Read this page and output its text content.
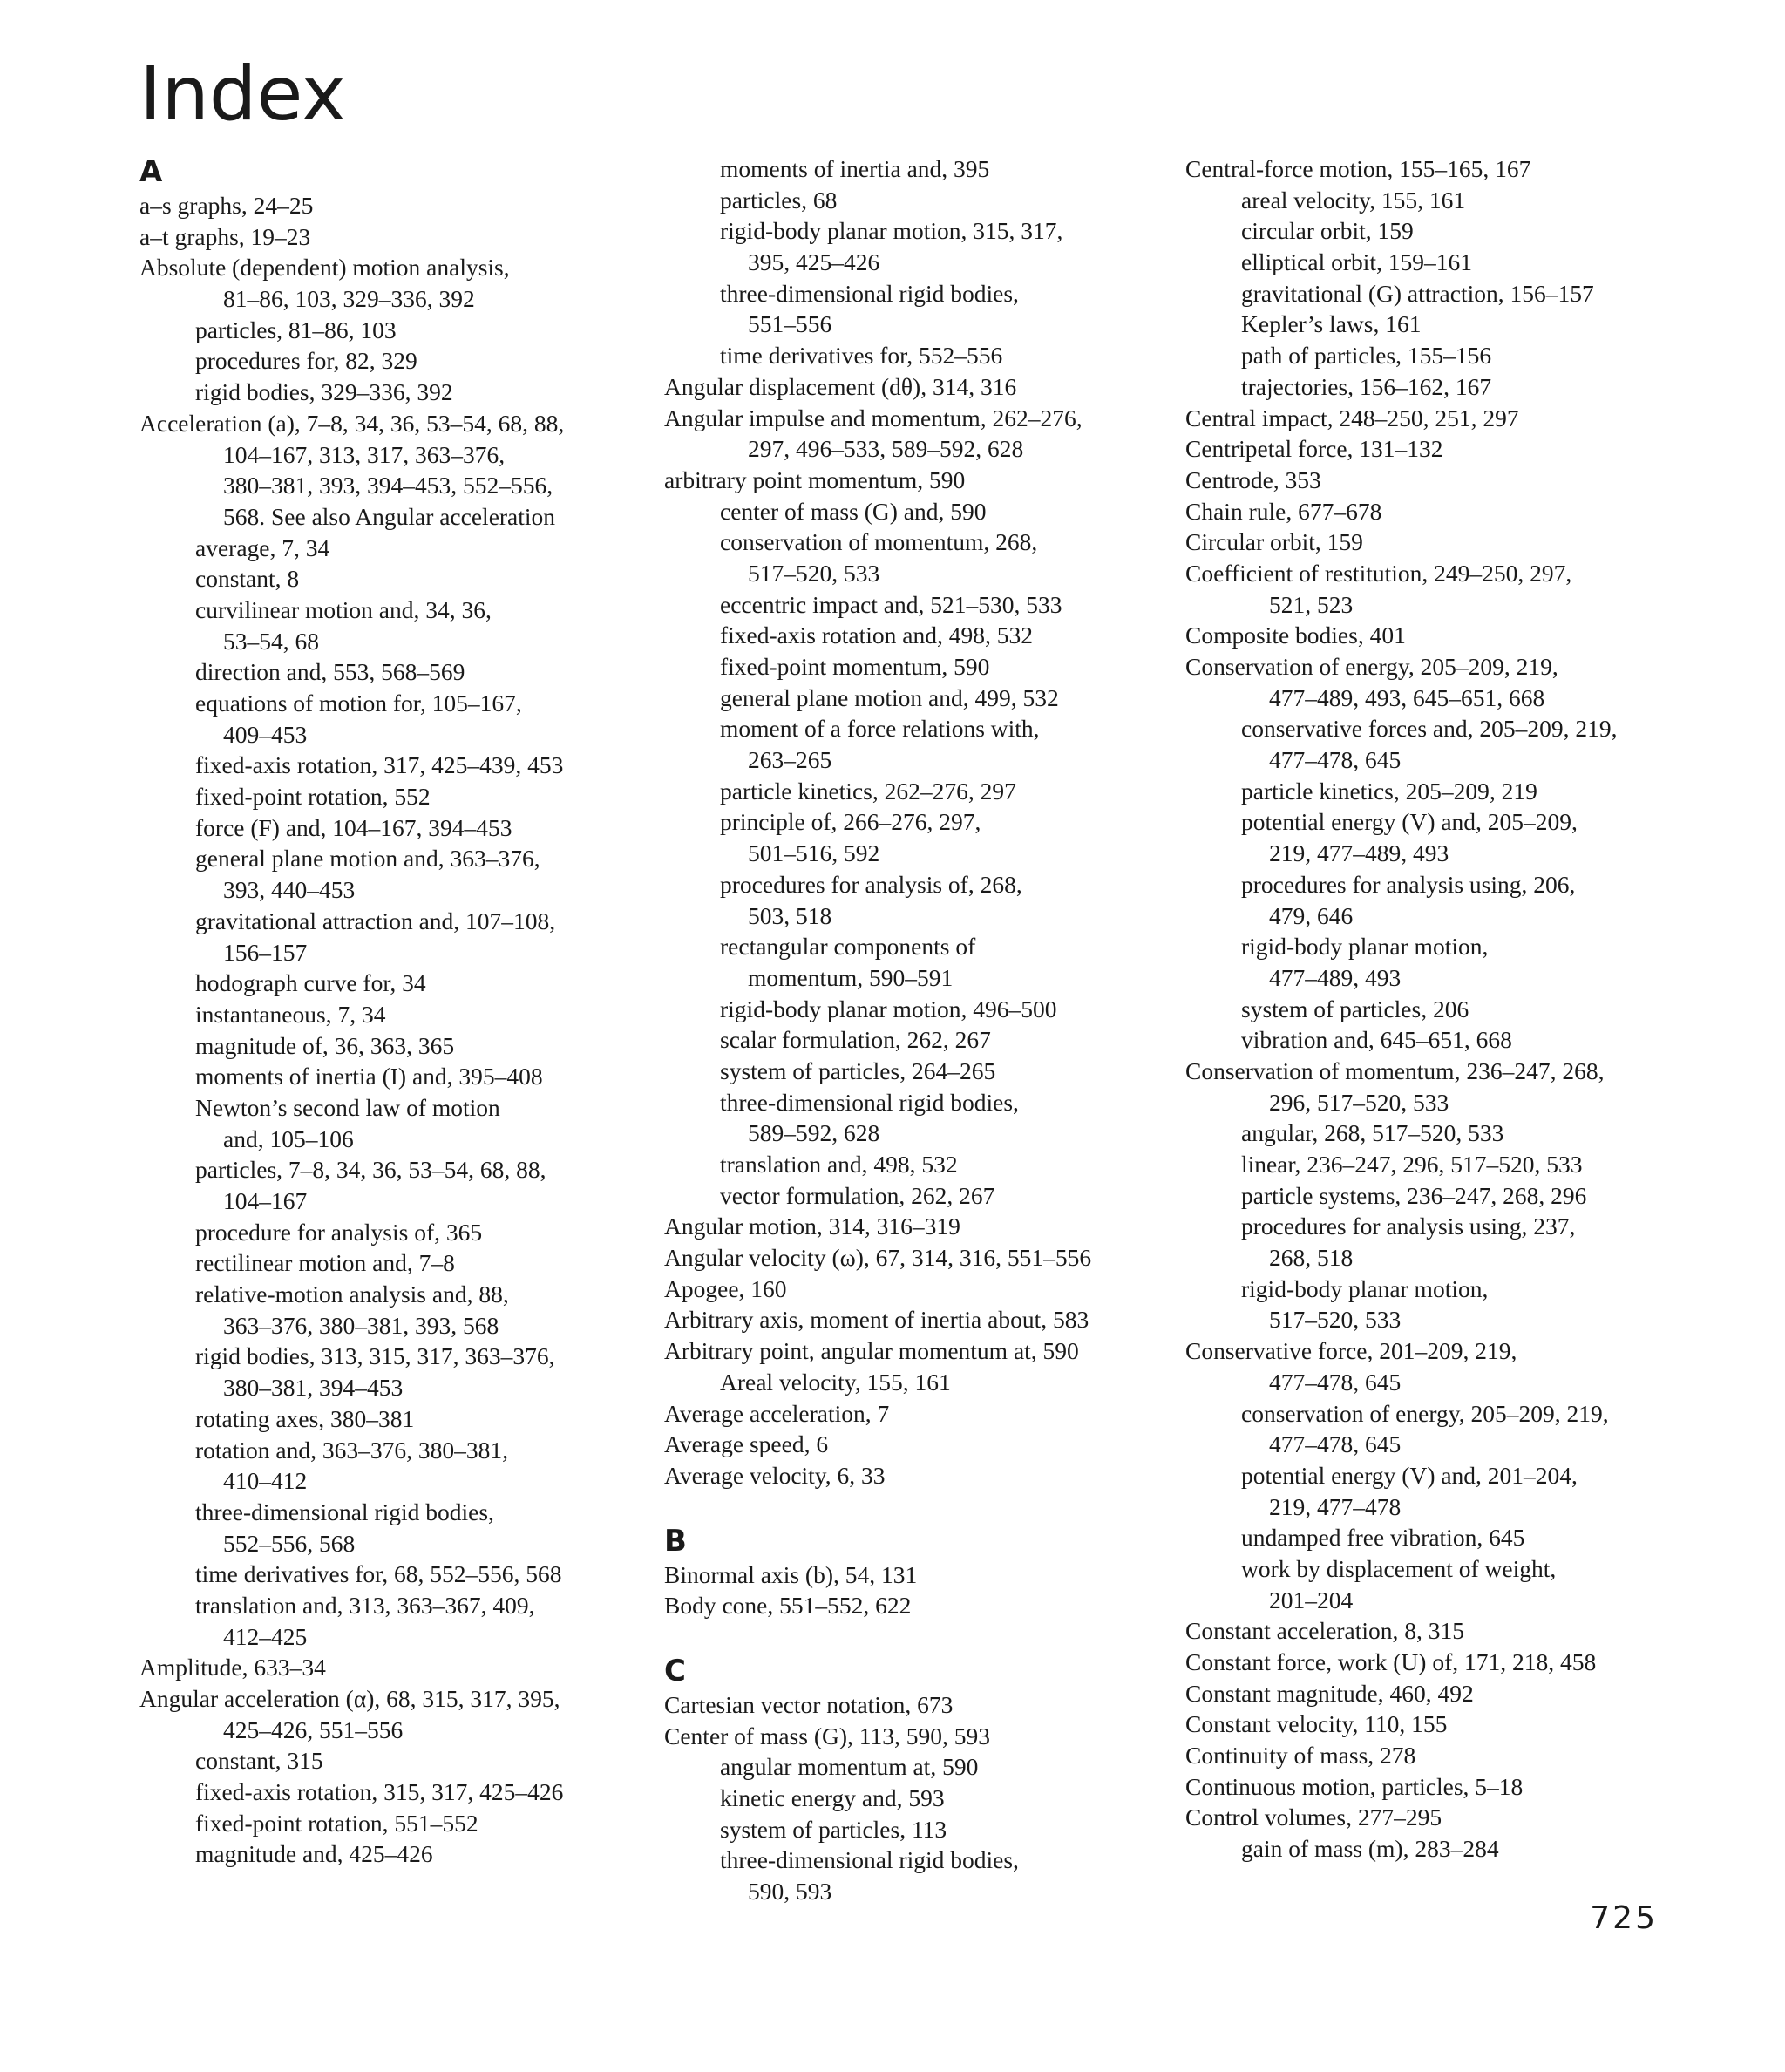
Index
A
a–s graphs, 24–25
a–t graphs, 19–23
Absolute (dependent) motion analysis,
81–86, 103, 329–336, 392
particles, 81–86, 103
procedures for, 82, 329
rigid bodies, 329–336, 392
Acceleration (a), 7–8, 34, 36, 53–54, 68, 88,
104–167, 313, 317, 363–376,
380–381, 393, 394–453, 552–556,
568. See also Angular acceleration
average, 7, 34
constant, 8
curvilinear motion and, 34, 36,
53–54, 68
direction and, 553, 568–569
equations of motion for, 105–167,
409–453
fixed-axis rotation, 317, 425–439, 453
fixed-point rotation, 552
force (F) and, 104–167, 394–453
general plane motion and, 363–376,
393, 440–453
gravitational attraction and, 107–108,
156–157
hodograph curve for, 34
instantaneous, 7, 34
magnitude of, 36, 363, 365
moments of inertia (I) and, 395–408
Newton’s second law of motion
and, 105–106
particles, 7–8, 34, 36, 53–54, 68, 88,
104–167
procedure for analysis of, 365
rectilinear motion and, 7–8
relative-motion analysis and, 88,
363–376, 380–381, 393, 568
rigid bodies, 313, 315, 317, 363–376,
380–381, 394–453
rotating axes, 380–381
rotation and, 363–376, 380–381,
410–412
three-dimensional rigid bodies,
552–556, 568
time derivatives for, 68, 552–556, 568
translation and, 313, 363–367, 409,
412–425
Amplitude, 633–34
Angular acceleration (α), 68, 315, 317, 395,
425–426, 551–556
constant, 315
fixed-axis rotation, 315, 317, 425–426
fixed-point rotation, 551–552
magnitude and, 425–426
moments of inertia and, 395
particles, 68
rigid-body planar motion, 315, 317,
395, 425–426
three-dimensional rigid bodies,
551–556
time derivatives for, 552–556
Angular displacement (dθ), 314, 316
Angular impulse and momentum, 262–276,
297, 496–533, 589–592, 628
arbitrary point momentum, 590
center of mass (G) and, 590
conservation of momentum, 268,
517–520, 533
eccentric impact and, 521–530, 533
fixed-axis rotation and, 498, 532
fixed-point momentum, 590
general plane motion and, 499, 532
moment of a force relations with,
263–265
particle kinetics, 262–276, 297
principle of, 266–276, 297,
501–516, 592
procedures for analysis of, 268,
503, 518
rectangular components of
momentum, 590–591
rigid-body planar motion, 496–500
scalar formulation, 262, 267
system of particles, 264–265
three-dimensional rigid bodies,
589–592, 628
translation and, 498, 532
vector formulation, 262, 267
Angular motion, 314, 316–319
Angular velocity (ω), 67, 314, 316, 551–556
Apogee, 160
Arbitrary axis, moment of inertia about, 583
Arbitrary point, angular momentum at, 590
Areal velocity, 155, 161
Average acceleration, 7
Average speed, 6
Average velocity, 6, 33
B
Binormal axis (b), 54, 131
Body cone, 551–552, 622
C
Cartesian vector notation, 673
Center of mass (G), 113, 590, 593
angular momentum at, 590
kinetic energy and, 593
system of particles, 113
three-dimensional rigid bodies,
590, 593
Central-force motion, 155–165, 167
areal velocity, 155, 161
circular orbit, 159
elliptical orbit, 159–161
gravitational (G) attraction, 156–157
Kepler’s laws, 161
path of particles, 155–156
trajectories, 156–162, 167
Central impact, 248–250, 251, 297
Centripetal force, 131–132
Centrode, 353
Chain rule, 677–678
Circular orbit, 159
Coefficient of restitution, 249–250, 297,
521, 523
Composite bodies, 401
Conservation of energy, 205–209, 219,
477–489, 493, 645–651, 668
conservative forces and, 205–209, 219,
477–478, 645
particle kinetics, 205–209, 219
potential energy (V) and, 205–209,
219, 477–489, 493
procedures for analysis using, 206,
479, 646
rigid-body planar motion,
477–489, 493
system of particles, 206
vibration and, 645–651, 668
Conservation of momentum, 236–247, 268,
296, 517–520, 533
angular, 268, 517–520, 533
linear, 236–247, 296, 517–520, 533
particle systems, 236–247, 268, 296
procedures for analysis using, 237,
268, 518
rigid-body planar motion,
517–520, 533
Conservative force, 201–209, 219,
477–478, 645
conservation of energy, 205–209, 219,
477–478, 645
potential energy (V) and, 201–204,
219, 477–478
undamped free vibration, 645
work by displacement of weight,
201–204
Constant acceleration, 8, 315
Constant force, work (U) of, 171, 218, 458
Constant magnitude, 460, 492
Constant velocity, 110, 155
Continuity of mass, 278
Continuous motion, particles, 5–18
Control volumes, 277–295
gain of mass (m), 283–284
725
